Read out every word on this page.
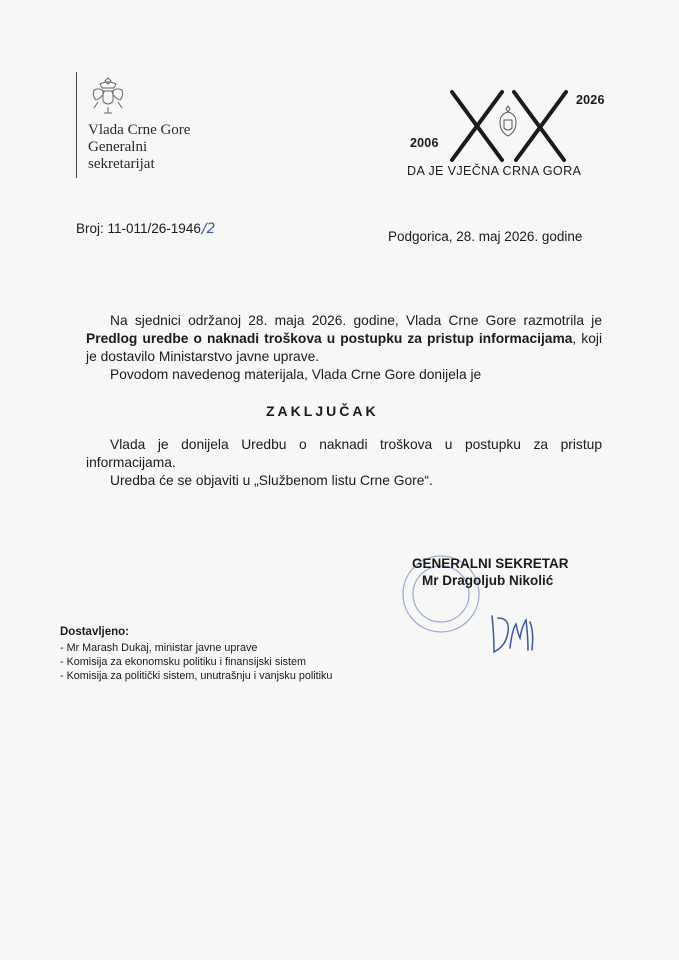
Vlada Crne Gore
Generalni
sekretarijat
2006
2026
DA JE VJEČNA CRNA GORA
Broj: 11-011/26-1946/2	Podgorica, 28. maj 2026. godine

Na sjednici održanoj 28. maja 2026. godine, Vlada Crne Gore razmotrila je Predlog uredbe o naknadi troškova u postupku za pristup informacijama, koji je dostavilo Ministarstvo javne uprave.

Povodom navedenog materijala, Vlada Crne Gore donijela je

ZAKLJUČAK

Vlada je donijela Uredbu o naknadi troškova u postupku za pristup informacijama.

Uredba će se objaviti u „Službenom listu Crne Gore“.

GENERALNI SEKRETAR
Mr Dragoljub Nikolić
Dostavljeno:
- Mr Marash Dukaj, ministar javne uprave
- Komisija za ekonomsku politiku i finansijski sistem
- Komisija za politički sistem, unutrašnju i vanjsku politiku
